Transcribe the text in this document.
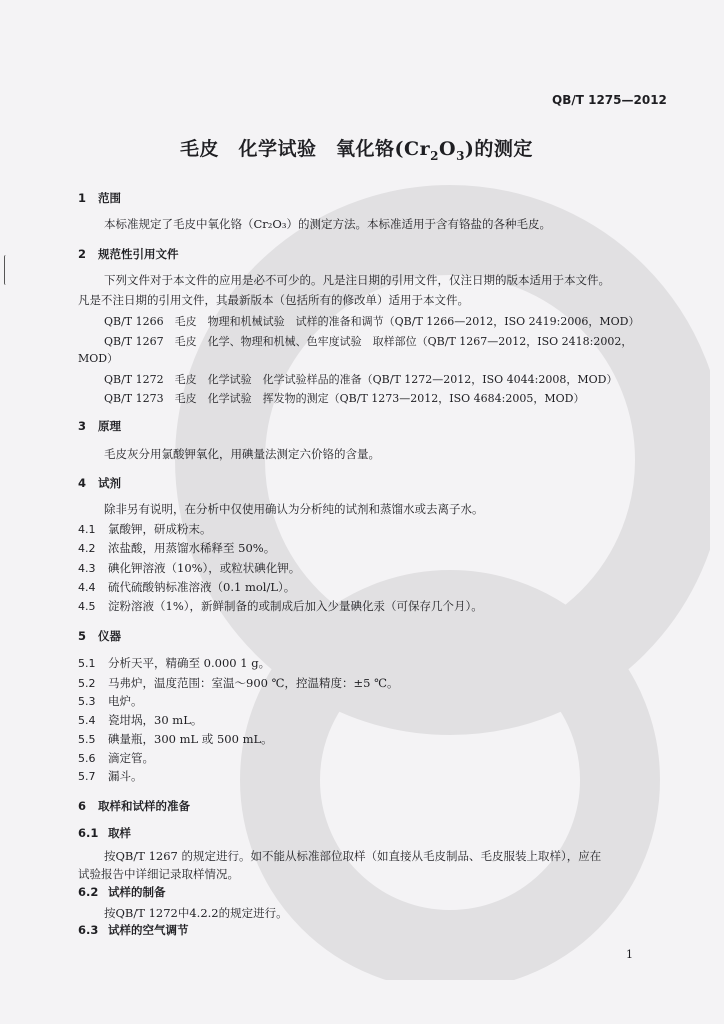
QB/T 1275—2012
毛皮　化学试验　氧化铬$(Cr_2O_3)$的测定
1 范围
本标准规定了毛皮中氧化铬（Cr₂O₃）的测定方法。本标准适用于含有铬盐的各种毛皮。
2 规范性引用文件
下列文件对于本文件的应用是必不可少的。凡是注日期的引用文件，仅注日期的版本适用于本文件。
凡是不注日期的引用文件，其最新版本（包括所有的修改单）适用于本文件。
QB/T 1266　毛皮　物理和机械试验　试样的准备和调节（QB/T 1266—2012，ISO 2419:2006，MOD）
QB/T 1267　毛皮　化学、物理和机械、色牢度试验　取样部位（QB/T 1267—2012，ISO 2418:2002，
MOD）
QB/T 1272　毛皮　化学试验　化学试验样品的准备（QB/T 1272—2012，ISO 4044:2008，MOD）
QB/T 1273　毛皮　化学试验　挥发物的测定（QB/T 1273—2012，ISO 4684:2005，MOD）
3 原理
毛皮灰分用氯酸钾氧化，用碘量法测定六价铬的含量。
4 试剂
除非另有说明，在分析中仅使用确认为分析纯的试剂和蒸馏水或去离子水。
4.1 氯酸钾，研成粉末。
4.2 浓盐酸，用蒸馏水稀释至 50%。
4.3 碘化钾溶液（10%），或粒状碘化钾。
4.4 硫代硫酸钠标准溶液（0.1 mol/L）。
4.5 淀粉溶液（1%），新鲜制备的或制成后加入少量碘化汞（可保存几个月）。
5 仪器
5.1 分析天平，精确至 0.000 1 g。
5.2 马弗炉，温度范围：室温～900 ℃，控温精度：±5 ℃。
5.3 电炉。
5.4 瓷坩埚，30 mL。
5.5 碘量瓶，300 mL 或 500 mL。
5.6 滴定管。
5.7 漏斗。
6 取样和试样的准备
6.1 取样
按QB/T 1267 的规定进行。如不能从标准部位取样（如直接从毛皮制品、毛皮服装上取样），应在
试验报告中详细记录取样情况。
6.2 试样的制备
按QB/T 1272中4.2.2的规定进行。
6.3 试样的空气调节
1
